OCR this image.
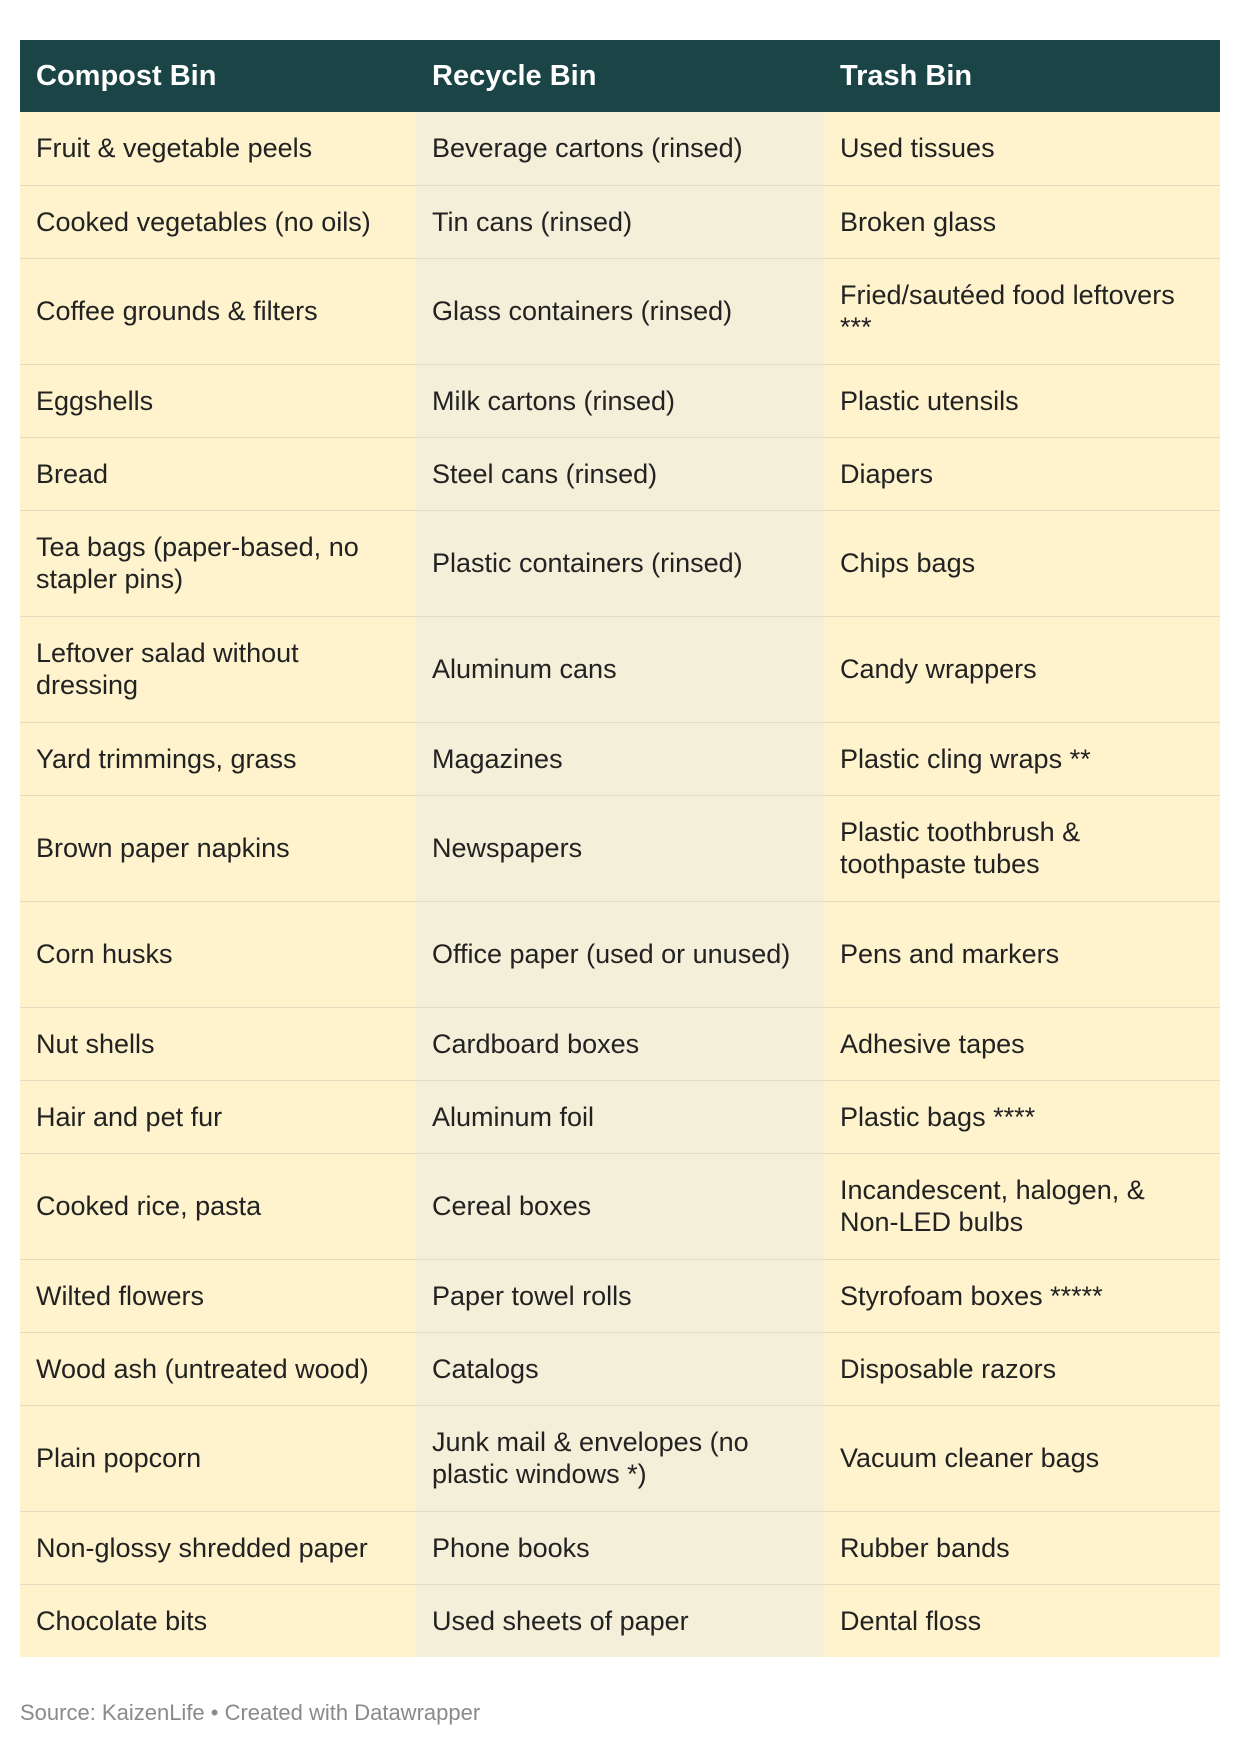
Compost Bin	Recycle Bin	Trash Bin
Fruit & vegetable peels	Beverage cartons (rinsed)	Used tissues
Cooked vegetables (no oils)	Tin cans (rinsed)	Broken glass
Coffee grounds & filters	Glass containers (rinsed)	Fried/sautéed food leftovers ***
Eggshells	Milk cartons (rinsed)	Plastic utensils
Bread	Steel cans (rinsed)	Diapers
Tea bags (paper-based, no stapler pins)	Plastic containers (rinsed)	Chips bags
Leftover salad without dressing	Aluminum cans	Candy wrappers
Yard trimmings, grass	Magazines	Plastic cling wraps **
Brown paper napkins	Newspapers	Plastic toothbrush & toothpaste tubes
Corn husks	Office paper (used or unused)	Pens and markers
Nut shells	Cardboard boxes	Adhesive tapes
Hair and pet fur	Aluminum foil	Plastic bags ****
Cooked rice, pasta	Cereal boxes	Incandescent, halogen, & Non-LED bulbs
Wilted flowers	Paper towel rolls	Styrofoam boxes *****
Wood ash (untreated wood)	Catalogs	Disposable razors
Plain popcorn	Junk mail & envelopes (no plastic windows *)	Vacuum cleaner bags
Non-glossy shredded paper	Phone books	Rubber bands
Chocolate bits	Used sheets of paper	Dental floss
Source: KaizenLife • Created with Datawrapper
